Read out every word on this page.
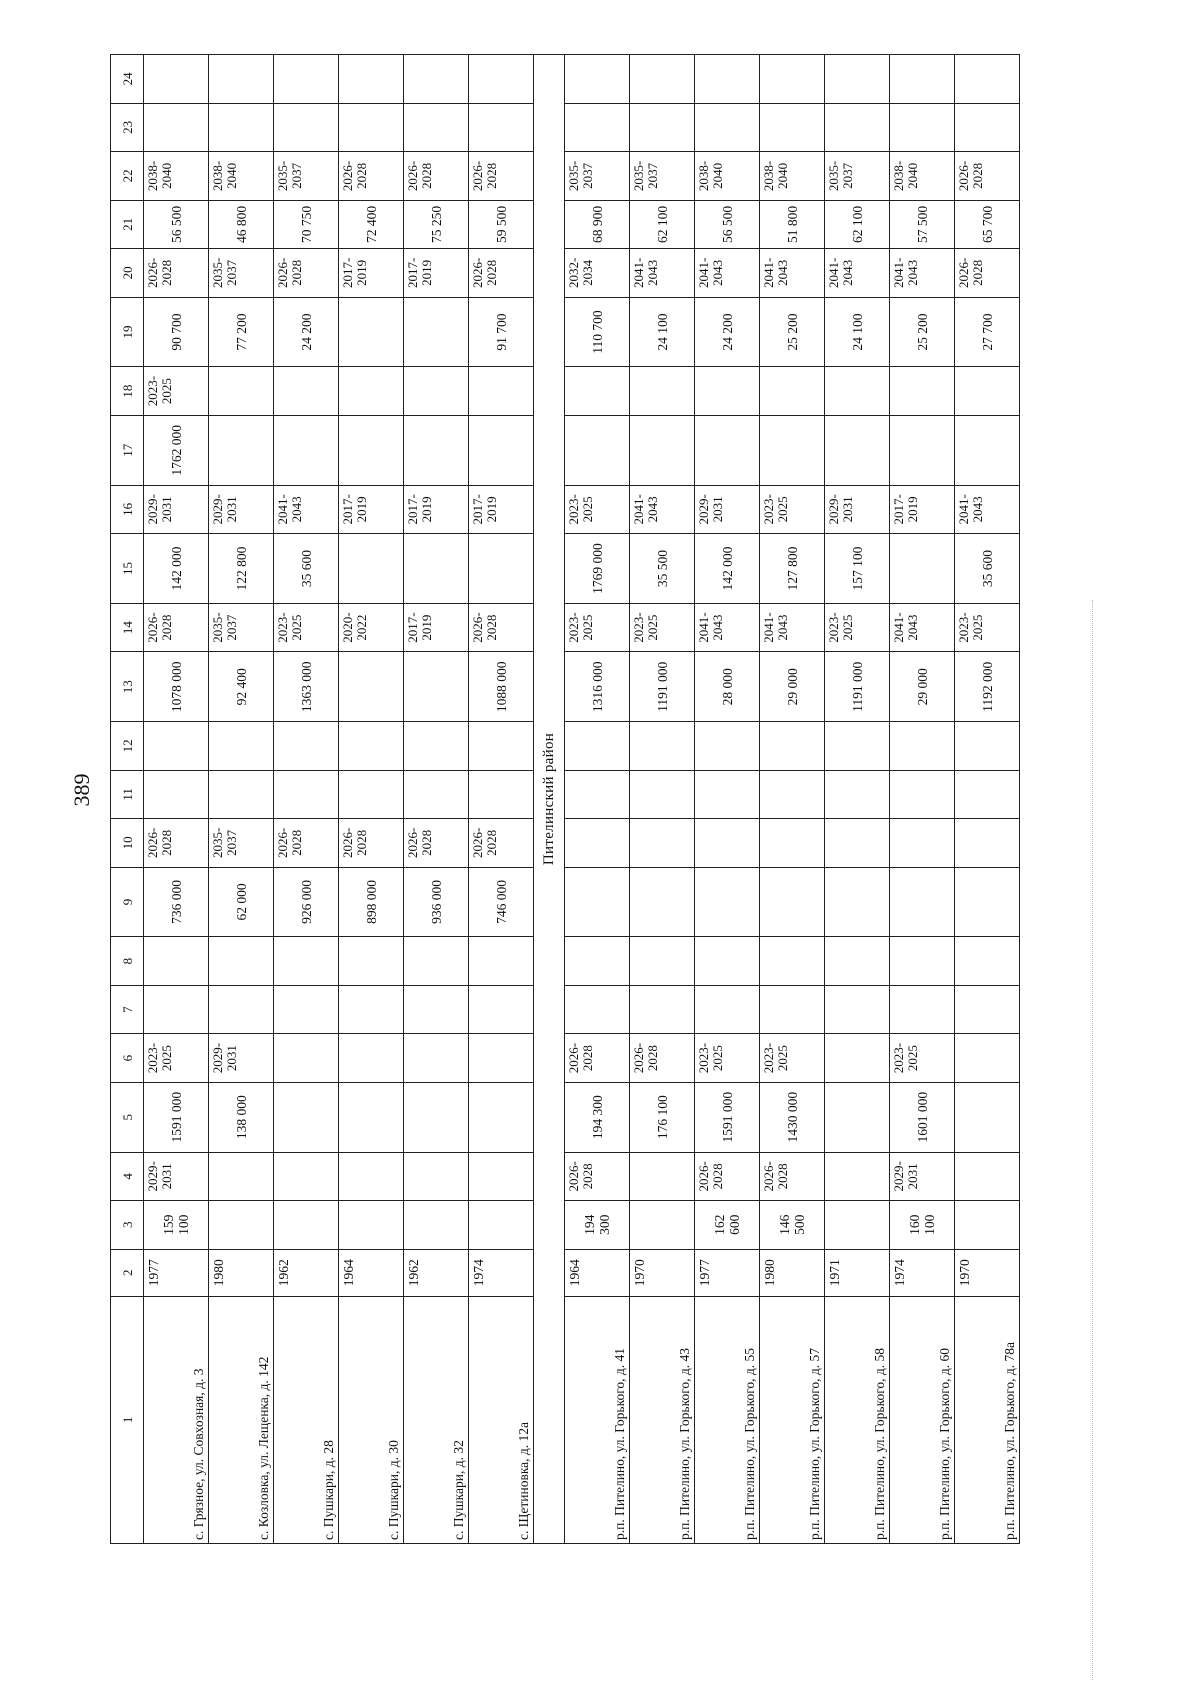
389
1	2	3	4	5	6	7	8	9	10	11	12	13	14	15	16	17	18	19	20	21	22	23	24
с. Грязное, ул. Совхозная, д. 3	1977	159 100	2029-2031	1591 000	2023-2025			736 000	2026-2028			1078 000	2026-2028	142 000	2029-2031	1762 000	2023-2025	90 700	2026-2028	56 500	2038-2040		
с. Козловка, ул. Лещенка, д. 142	1980			138 000	2029-2031			62 000	2035-2037			92 400	2035-2037	122 800	2029-2031			77 200	2035-2037	46 800	2038-2040		
с. Пушкари, д. 28	1962							926 000	2026-2028			1363 000	2023-2025	35 600	2041-2043			24 200	2026-2028	70 750	2035-2037		
с. Пушкари, д. 30	1964							898 000	2026-2028				2020-2022		2017-2019				2017-2019	72 400	2026-2028		
с. Пушкари, д. 32	1962							936 000	2026-2028				2017-2019		2017-2019				2017-2019	75 250	2026-2028		
с. Щетиновка, д. 12а	1974							746 000	2026-2028			1088 000	2026-2028		2017-2019			91 700	2026-2028	59 500	2026-2028		
Пителинский район																							
р.п. Пителино, ул. Горького, д. 41	1964	194 300	2026-2028	194 300	2026-2028							1316 000	2023-2025	1769 000	2023-2025			110 700	2032-2034	68 900	2035-2037		
р.п. Пителино, ул. Горького, д. 43	1970			176 100	2026-2028							1191 000	2023-2025	35 500	2041-2043			24 100	2041-2043	62 100	2035-2037		
р.п. Пителино, ул. Горького, д. 55	1977	162 600	2026-2028	1591 000	2023-2025							28 000	2041-2043	142 000	2029-2031			24 200	2041-2043	56 500	2038-2040		
р.п. Пителино, ул. Горького, д. 57	1980	146 500	2026-2028	1430 000	2023-2025							29 000	2041-2043	127 800	2023-2025			25 200	2041-2043	51 800	2038-2040		
р.п. Пителино, ул. Горького, д. 58	1971											1191 000	2023-2025	157 100	2029-2031			24 100	2041-2043	62 100	2035-2037		
р.п. Пителино, ул. Горького, д. 60	1974	160 100	2029-2031	1601 000	2023-2025							29 000	2041-2043		2017-2019			25 200	2041-2043	57 500	2038-2040		
р.п. Пителино, ул. Горького, д. 78а	1970											1192 000	2023-2025	35 600	2041-2043			27 700	2026-2028	65 700	2026-2028		
